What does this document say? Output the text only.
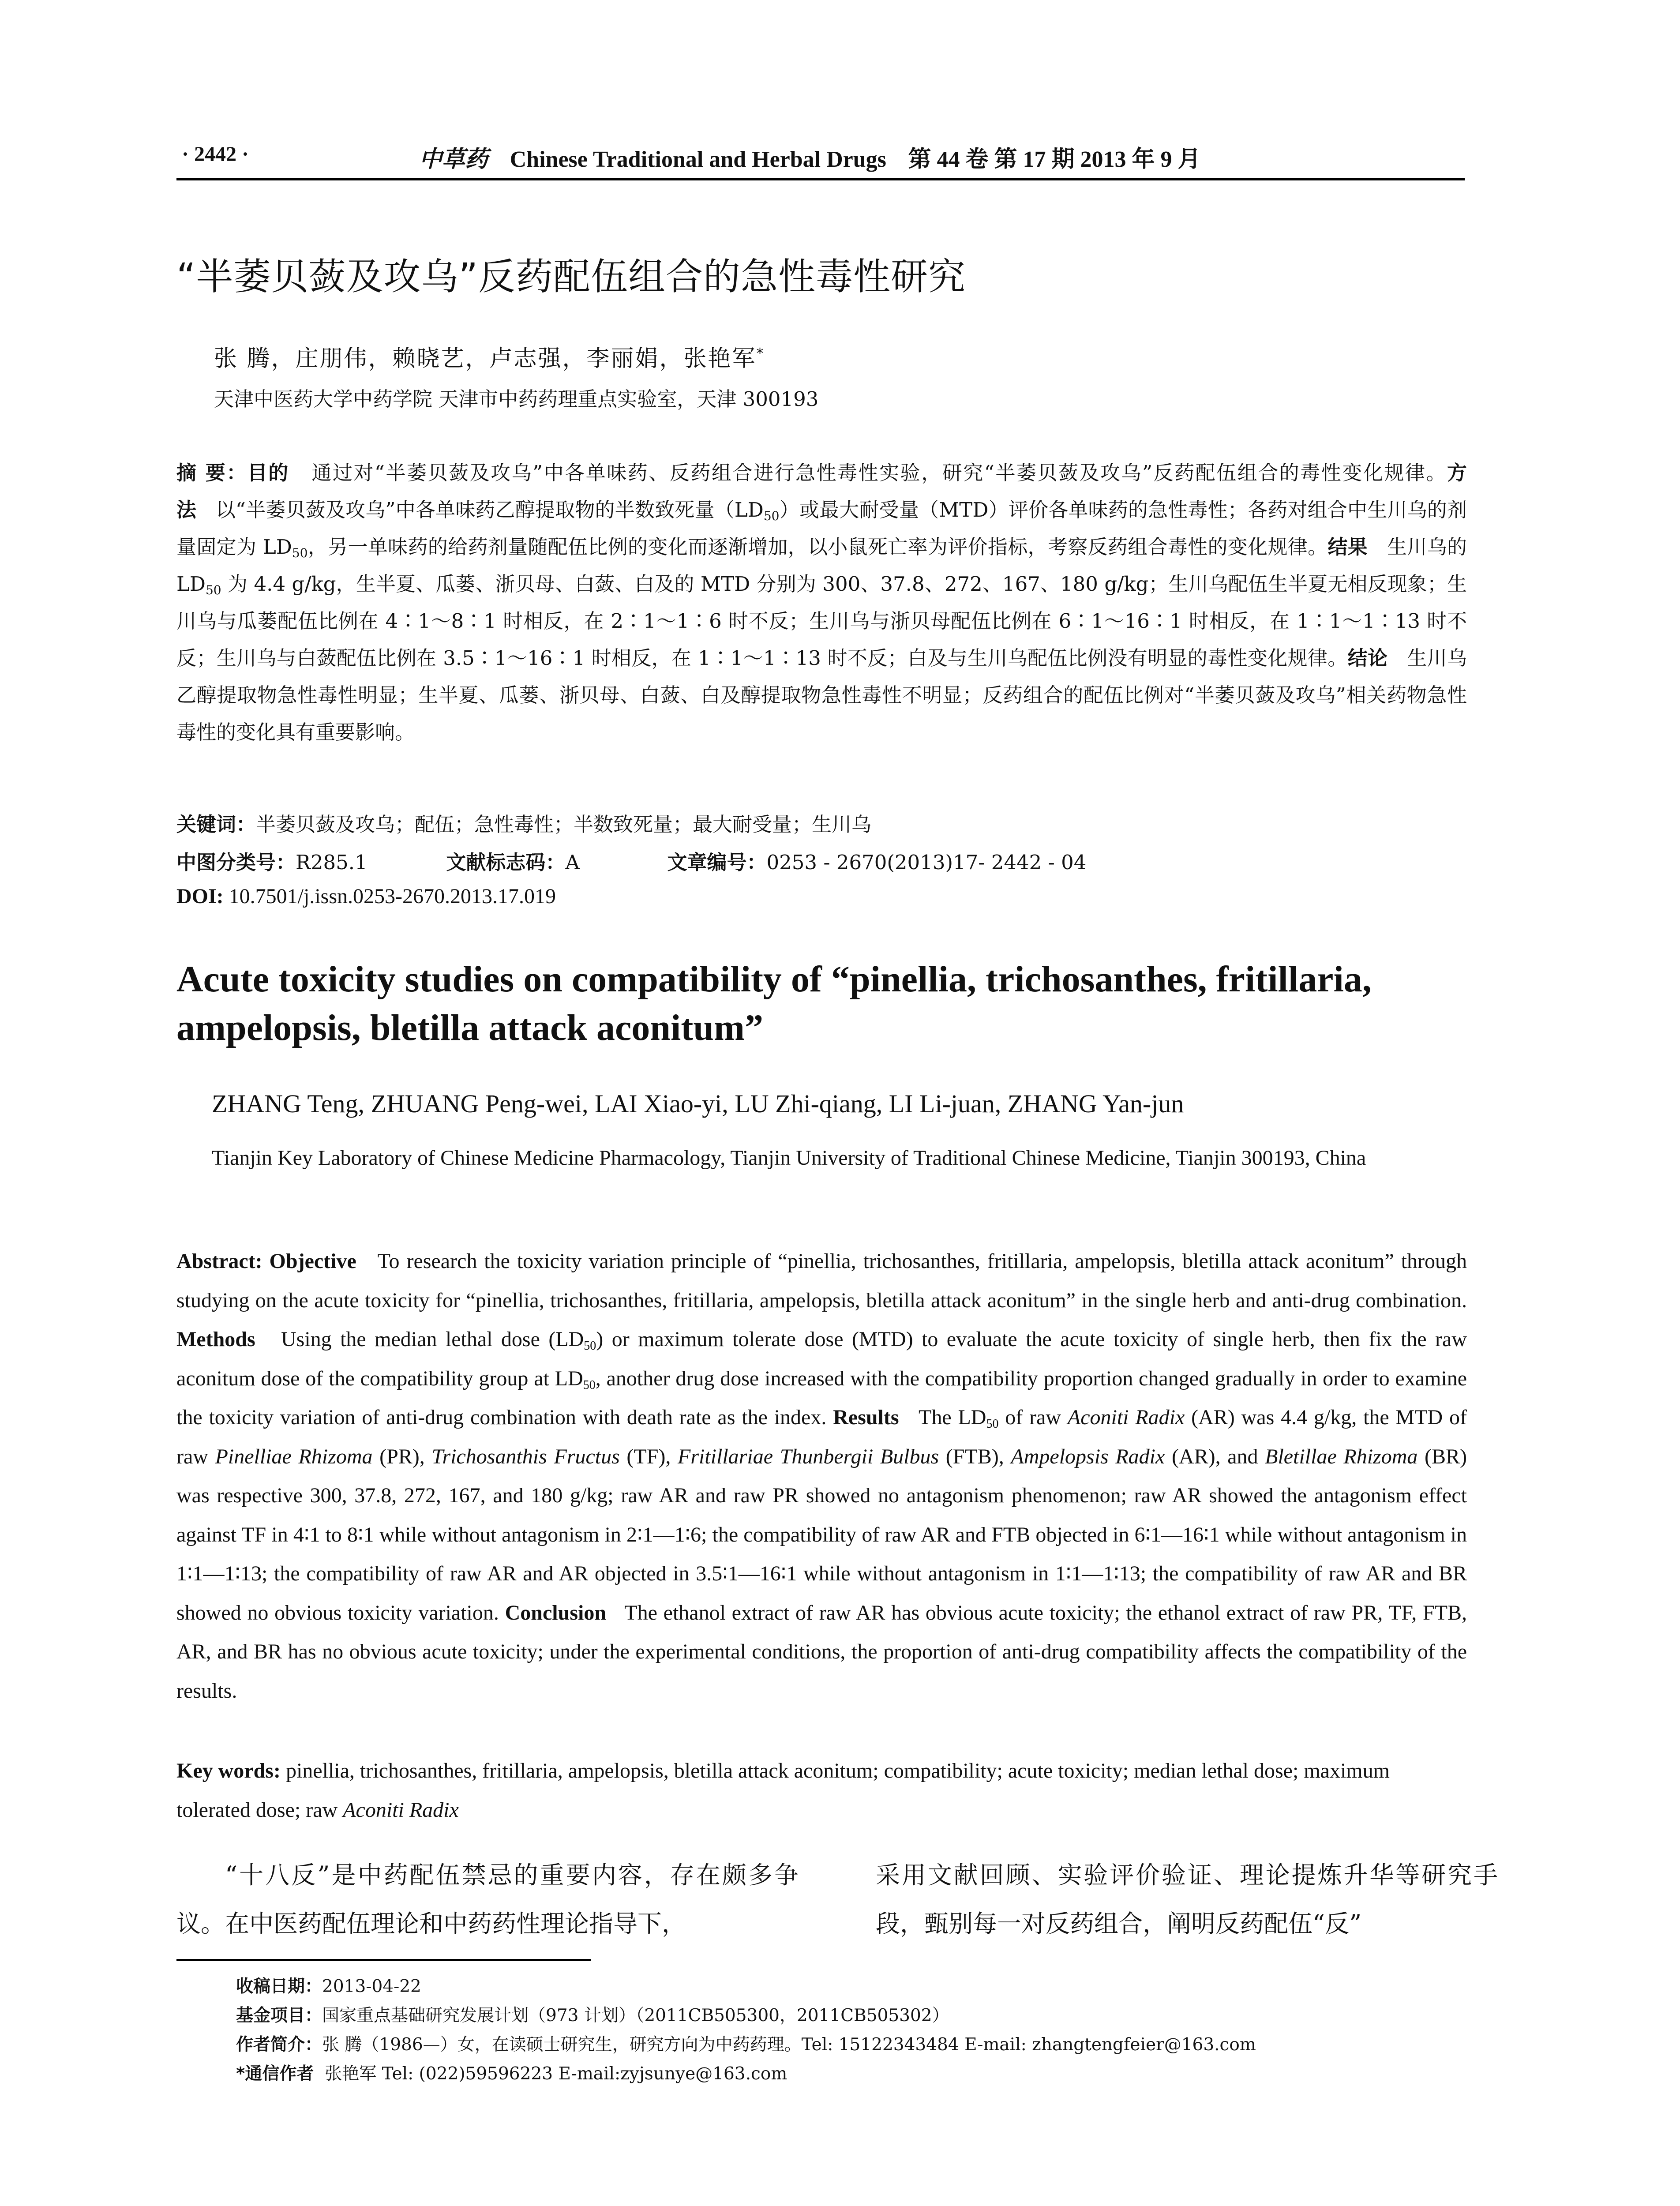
· 2442 ·	中草药 Chinese Traditional and Herbal Drugs 第 44 卷 第 17 期 2013 年 9 月
“半萎贝蔹及攻乌”反药配伍组合的急性毒性研究
张 腾，庄朋伟，赖晓艺，卢志强，李丽娟，张艳军*
天津中医药大学中药学院 天津市中药药理重点实验室，天津 300193
摘 要：目的 通过对“半萎贝蔹及攻乌”中各单味药、反药组合进行急性毒性实验，研究“半萎贝蔹及攻乌”反药配伍组合的毒性变化规律。方法 以“半萎贝蔹及攻乌”中各单味药乙醇提取物的半数致死量$(LD_{50})$或最大耐受量（MTD）评价各单味药的急性毒性；各药对组合中生川乌的剂量固定为 $LD_{50}$，另一单味药的给药剂量随配伍比例的变化而逐渐增加，以小鼠死亡率为评价指标，考察反药组合毒性的变化规律。结果 生川乌的 $LD_{50}$ 为 4.4 g/kg，生半夏、瓜蒌、浙贝母、白蔹、白及的 MTD 分别为 300、37.8、272、167、180 g/kg；生川乌配伍生半夏无相反现象；生川乌与瓜蒌配伍比例在 4∶1～8∶1 时相反，在 2∶1～1∶6 时不反；生川乌与浙贝母配伍比例在 6∶1～16∶1 时相反，在 1∶1～1∶13 时不反；生川乌与白蔹配伍比例在 3.5∶1～16∶1 时相反，在 1∶1～1∶13 时不反；白及与生川乌配伍比例没有明显的毒性变化规律。结论 生川乌乙醇提取物急性毒性明显；生半夏、瓜蒌、浙贝母、白蔹、白及醇提取物急性毒性不明显；反药组合的配伍比例对“半萎贝蔹及攻乌”相关药物急性毒性的变化具有重要影响。
关键词：半萎贝蔹及攻乌；配伍；急性毒性；半数致死量；最大耐受量；生川乌
中图分类号：R285.1	文献标志码：A	文章编号：0253 - 2670(2013)17- 2442 - 04
DOI: 10.7501/j.issn.0253-2670.2013.17.019
Acute toxicity studies on compatibility of “pinellia, trichosanthes, fritillaria, ampelopsis, bletilla attack aconitum”
ZHANG Teng, ZHUANG Peng-wei, LAI Xiao-yi, LU Zhi-qiang, LI Li-juan, ZHANG Yan-jun
Tianjin Key Laboratory of Chinese Medicine Pharmacology, Tianjin University of Traditional Chinese Medicine, Tianjin 300193, China
Abstract: Objective To research the toxicity variation principle of “pinellia, trichosanthes, fritillaria, ampelopsis, bletilla attack aconitum” through studying on the acute toxicity for “pinellia, trichosanthes, fritillaria, ampelopsis, bletilla attack aconitum” in the single herb and anti-drug combination. Methods Using the median lethal dose $(LD_{50})$ or maximum tolerate dose (MTD) to evaluate the acute toxicity of single herb, then fix the raw aconitum dose of the compatibility group at $LD_{50}$, another drug dose increased with the compatibility proportion changed gradually in order to examine the toxicity variation of anti-drug combination with death rate as the index. Results The $LD_{50}$ of raw Aconiti Radix (AR) was 4.4 g/kg, the MTD of raw Pinelliae Rhizoma (PR), Trichosanthis Fructus (TF), Fritillariae Thunbergii Bulbus (FTB), Ampelopsis Radix (AR), and Bletillae Rhizoma (BR) was respective 300, 37.8, 272, 167, and 180 g/kg; raw AR and raw PR showed no antagonism phenomenon; raw AR showed the antagonism effect against TF in 4∶1 to 8∶1 while without antagonism in 2∶1—1∶6; the compatibility of raw AR and FTB objected in 6∶1—16∶1 while without antagonism in 1∶1—1∶13; the compatibility of raw AR and AR objected in 3.5∶1—16∶1 while without antagonism in 1∶1—1∶13; the compatibility of raw AR and BR showed no obvious toxicity variation. Conclusion The ethanol extract of raw AR has obvious acute toxicity; the ethanol extract of raw PR, TF, FTB, AR, and BR has no obvious acute toxicity; under the experimental conditions, the proportion of anti-drug compatibility affects the compatibility of the results.
Key words: pinellia, trichosanthes, fritillaria, ampelopsis, bletilla attack aconitum; compatibility; acute toxicity; median lethal dose; maximum tolerated dose; raw Aconiti Radix
“十八反”是中药配伍禁忌的重要内容，存在颇多争议。在中医药配伍理论和中药药性理论指导下，
采用文献回顾、实验评价验证、理论提炼升华等研究手段，甄别每一对反药组合，阐明反药配伍“反”
收稿日期：2013-04-22
基金项目：国家重点基础研究发展计划（973 计划）（2011CB505300，2011CB505302）
作者简介：张 腾（1986—）女，在读硕士研究生，研究方向为中药药理。Tel: 15122343484 E-mail: zhangtengfeier@163.com
*通信作者 张艳军 Tel: (022)59596223 E-mail:zyjsunye@163.com
